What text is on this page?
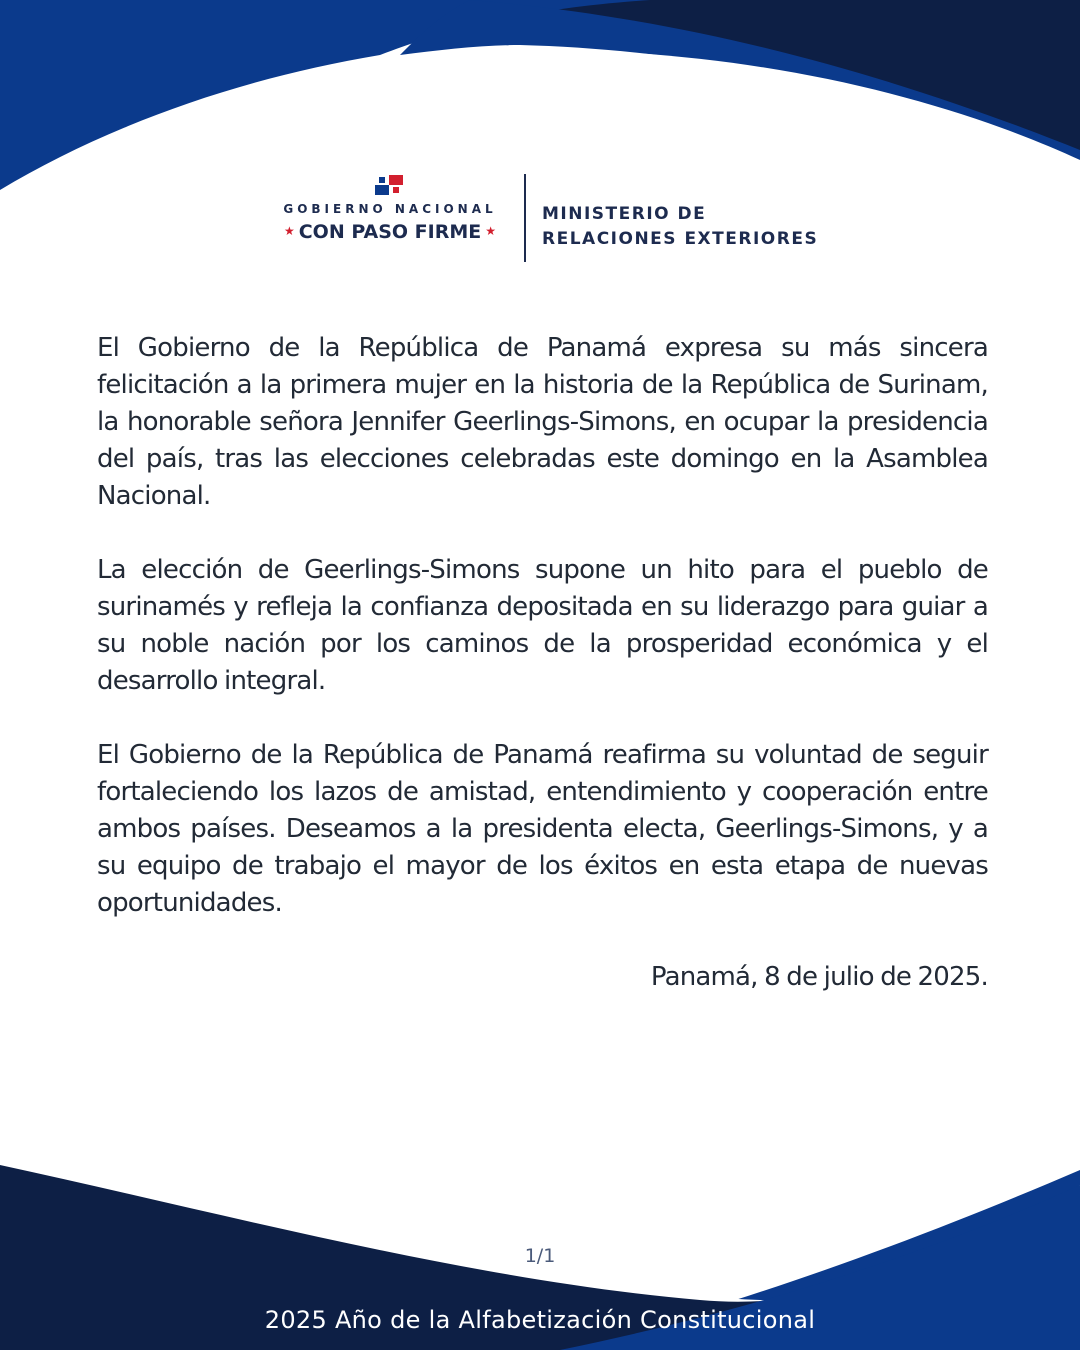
GOBIERNO NACIONAL
★ CON PASO FIRME ★
MINISTERIO DE
RELACIONES EXTERIORES

El Gobierno de la República de Panamá expresa su más sincera felicitación a la primera mujer en la historia de la República de Surinam, la honorable señora Jennifer Geerlings-Simons, en ocupar la presidencia del país, tras las elecciones celebradas este domingo en la Asamblea Nacional.

La elección de Geerlings-Simons supone un hito para el pueblo de surinamés y refleja la confianza depositada en su liderazgo para guiar a su noble nación por los caminos de la prosperidad económica y el desarrollo integral.

El Gobierno de la República de Panamá reafirma su voluntad de seguir fortaleciendo los lazos de amistad, entendimiento y cooperación entre ambos países. Deseamos a la presidenta electa, Geerlings-Simons, y a su equipo de trabajo el mayor de los éxitos en esta etapa de nuevas oportunidades.

Panamá, 8 de julio de 2025.

1/1
2025 Año de la Alfabetización Constitucional
